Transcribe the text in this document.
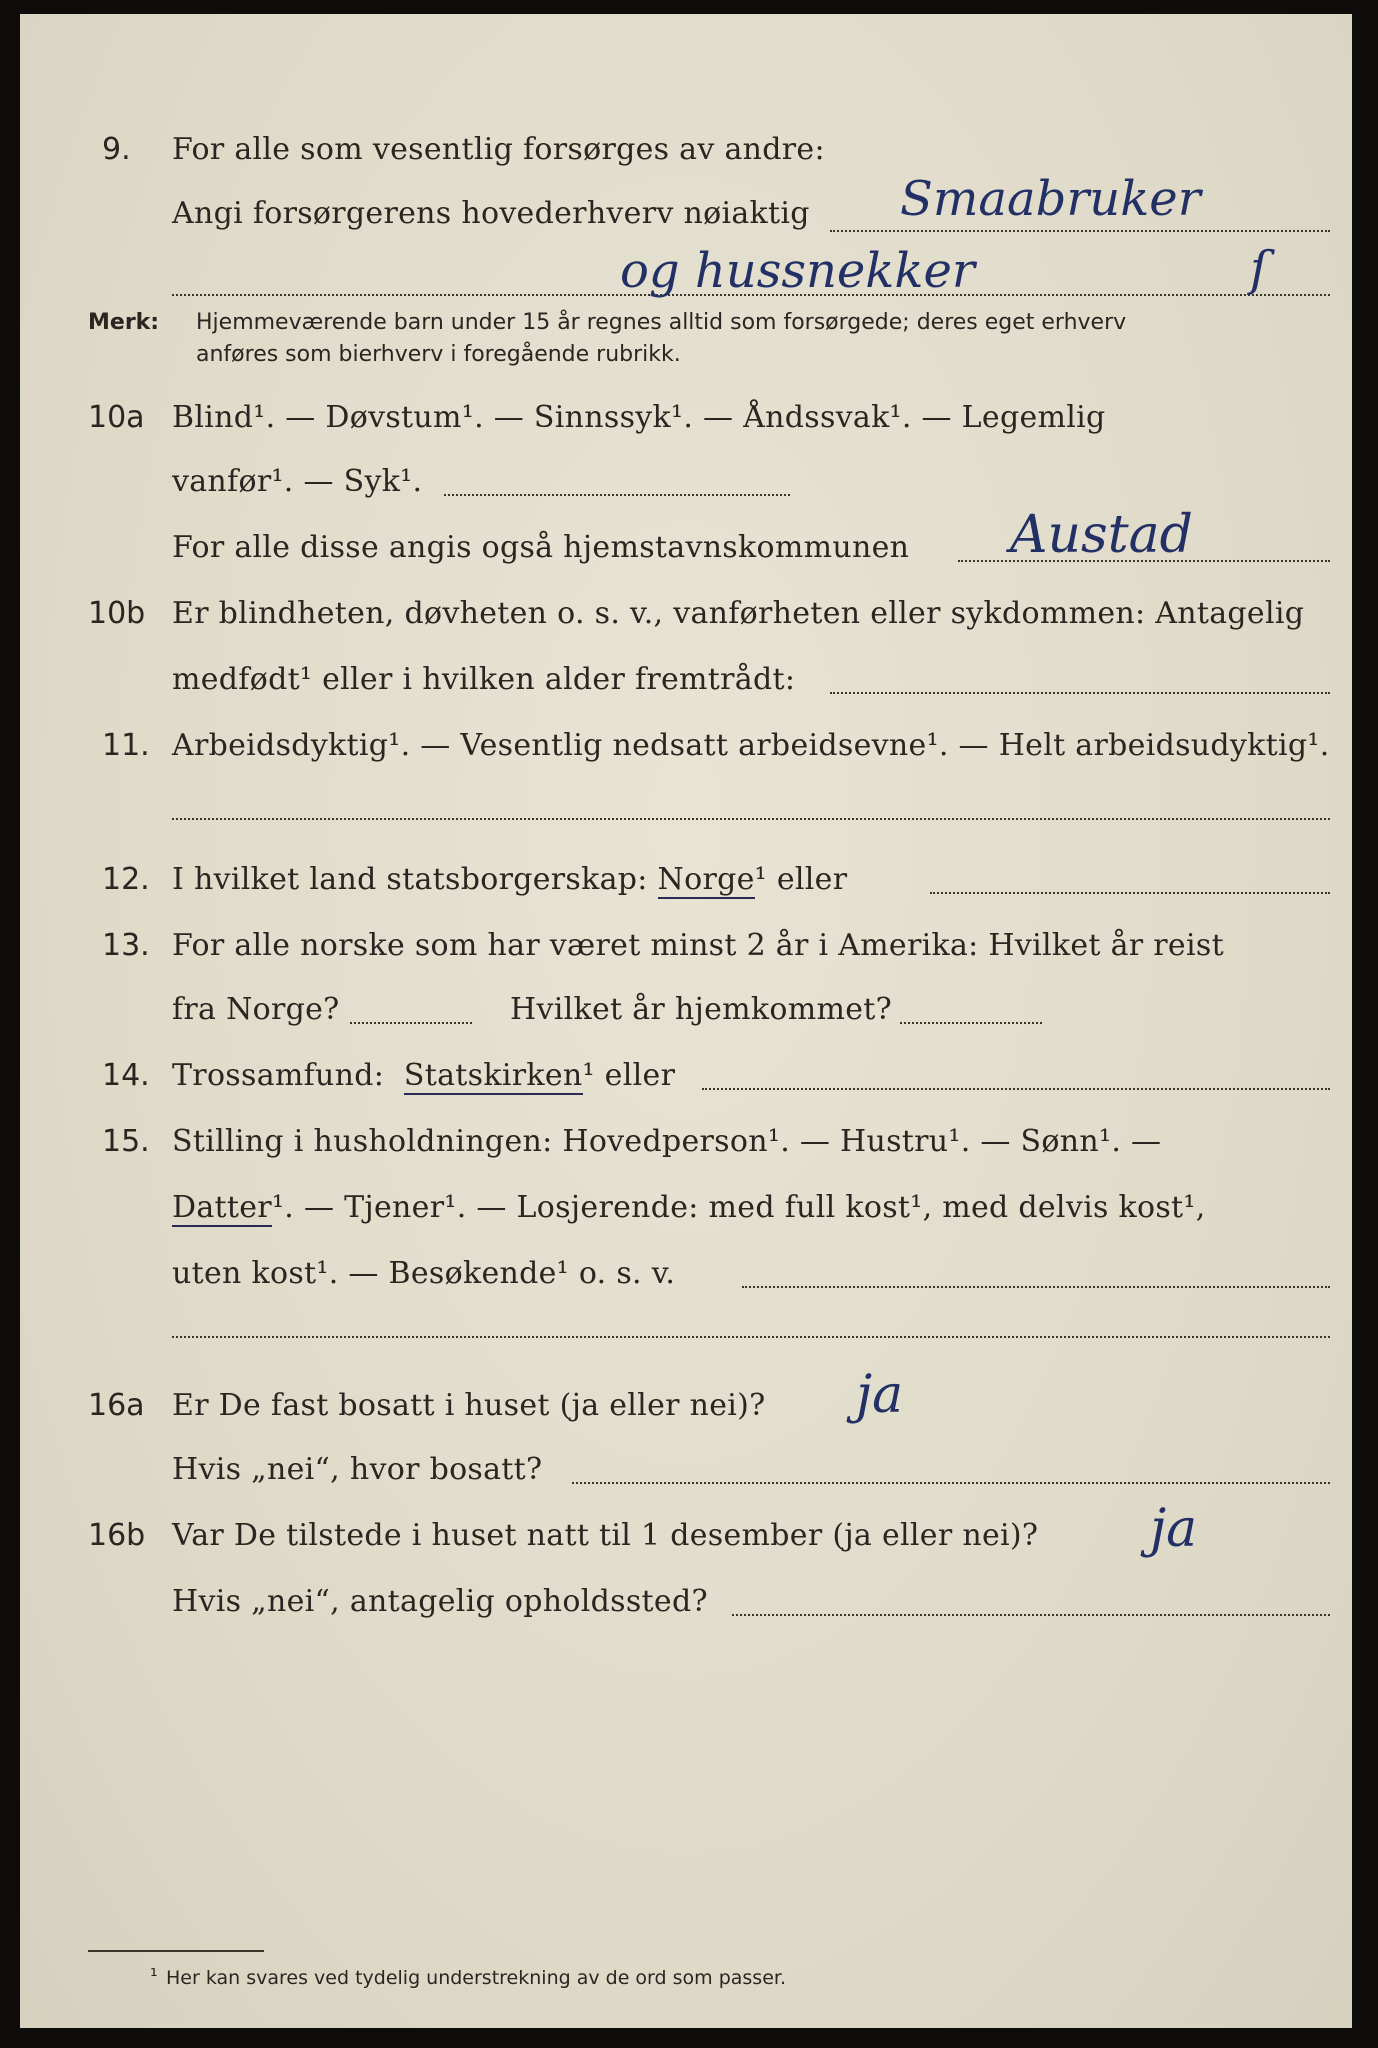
9. For alle som vesentlig forsørges av andre:
Angi forsørgerens hovederhverv nøiaktig Smaabruker
og hussnekker	ſ
Merk: Hjemmeværende barn under 15 år regnes alltid som forsørgede; deres eget erhverv
anføres som bierhverv i foregående rubrikk.
10a Blind¹. — Døvstum¹. — Sinnssyk¹. — Åndssvak¹. — Legemlig
vanfør¹. — Syk¹.
For alle disse angis også hjemstavnskommunen Austad
10b Er blindheten, døvheten o. s. v., vanførheten eller sykdommen: Antagelig
medfødt¹ eller i hvilken alder fremtrådt:
11. Arbeidsdyktig¹. — Vesentlig nedsatt arbeidsevne¹. — Helt arbeidsudyktig¹.
12. I hvilket land statsborgerskap: Norge¹ eller
13. For alle norske som har været minst 2 år i Amerika: Hvilket år reist
fra Norge?	Hvilket år hjemkommet?
14. Trossamfund: Statskirken¹ eller
15. Stilling i husholdningen: Hovedperson¹. — Hustru¹. — Sønn¹. —
Datter¹. — Tjener¹. — Losjerende: med full kost¹, med delvis kost¹,
uten kost¹. — Besøkende¹ o. s. v.
16a Er De fast bosatt i huset (ja eller nei)? ja
Hvis „nei“, hvor bosatt?
16b Var De tilstede i huset natt til 1 desember (ja eller nei)? ja
Hvis „nei“, antagelig opholdssted?
¹ Her kan svares ved tydelig understrekning av de ord som passer.
